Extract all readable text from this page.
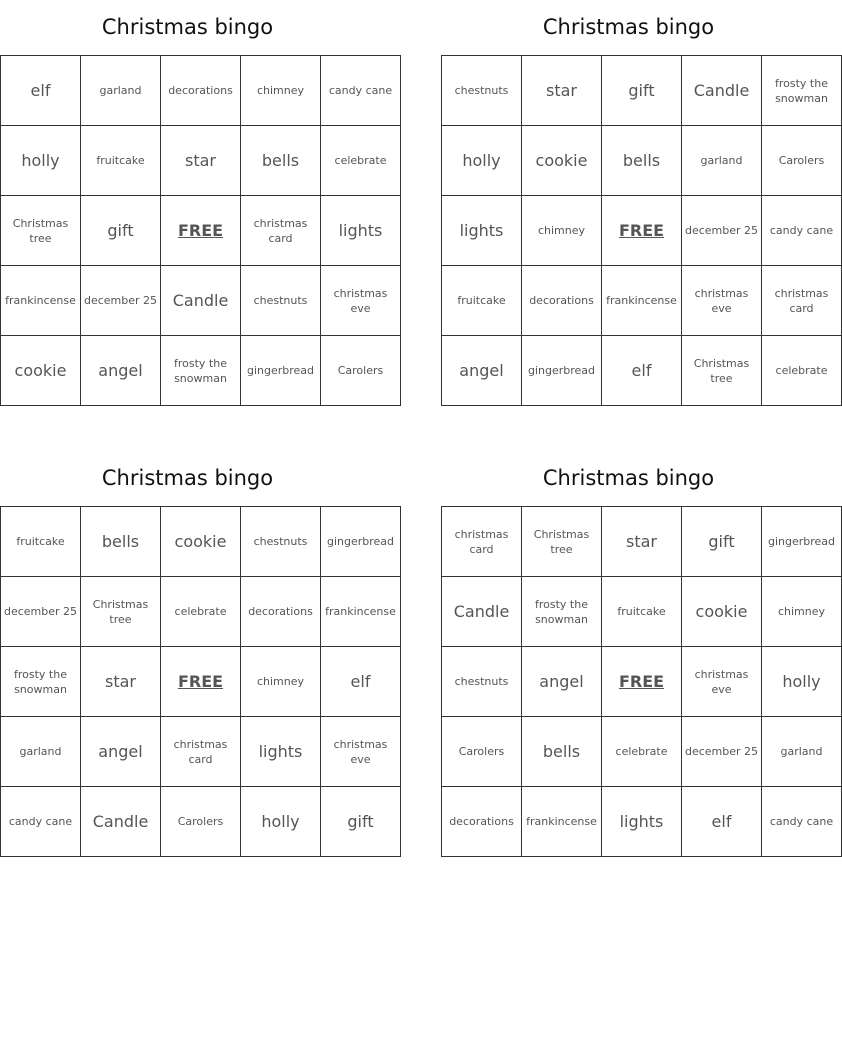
Christmas bingo
elf	garland	decorations	chimney	candy cane
holly	fruitcake	star	bells	celebrate
Christmas tree	gift	FREE	christmas card	lights
frankincense	december 25	Candle	chestnuts	christmas eve
cookie	angel	frosty the snowman	gingerbread	Carolers
Christmas bingo
chestnuts	star	gift	Candle	frosty the snowman
holly	cookie	bells	garland	Carolers
lights	chimney	FREE	december 25	candy cane
fruitcake	decorations	frankincense	christmas eve	christmas card
angel	gingerbread	elf	Christmas tree	celebrate
Christmas bingo
fruitcake	bells	cookie	chestnuts	gingerbread
december 25	Christmas tree	celebrate	decorations	frankincense
frosty the snowman	star	FREE	chimney	elf
garland	angel	christmas card	lights	christmas eve
candy cane	Candle	Carolers	holly	gift
Christmas bingo
christmas card	Christmas tree	star	gift	gingerbread
Candle	frosty the snowman	fruitcake	cookie	chimney
chestnuts	angel	FREE	christmas eve	holly
Carolers	bells	celebrate	december 25	garland
decorations	frankincense	lights	elf	candy cane
